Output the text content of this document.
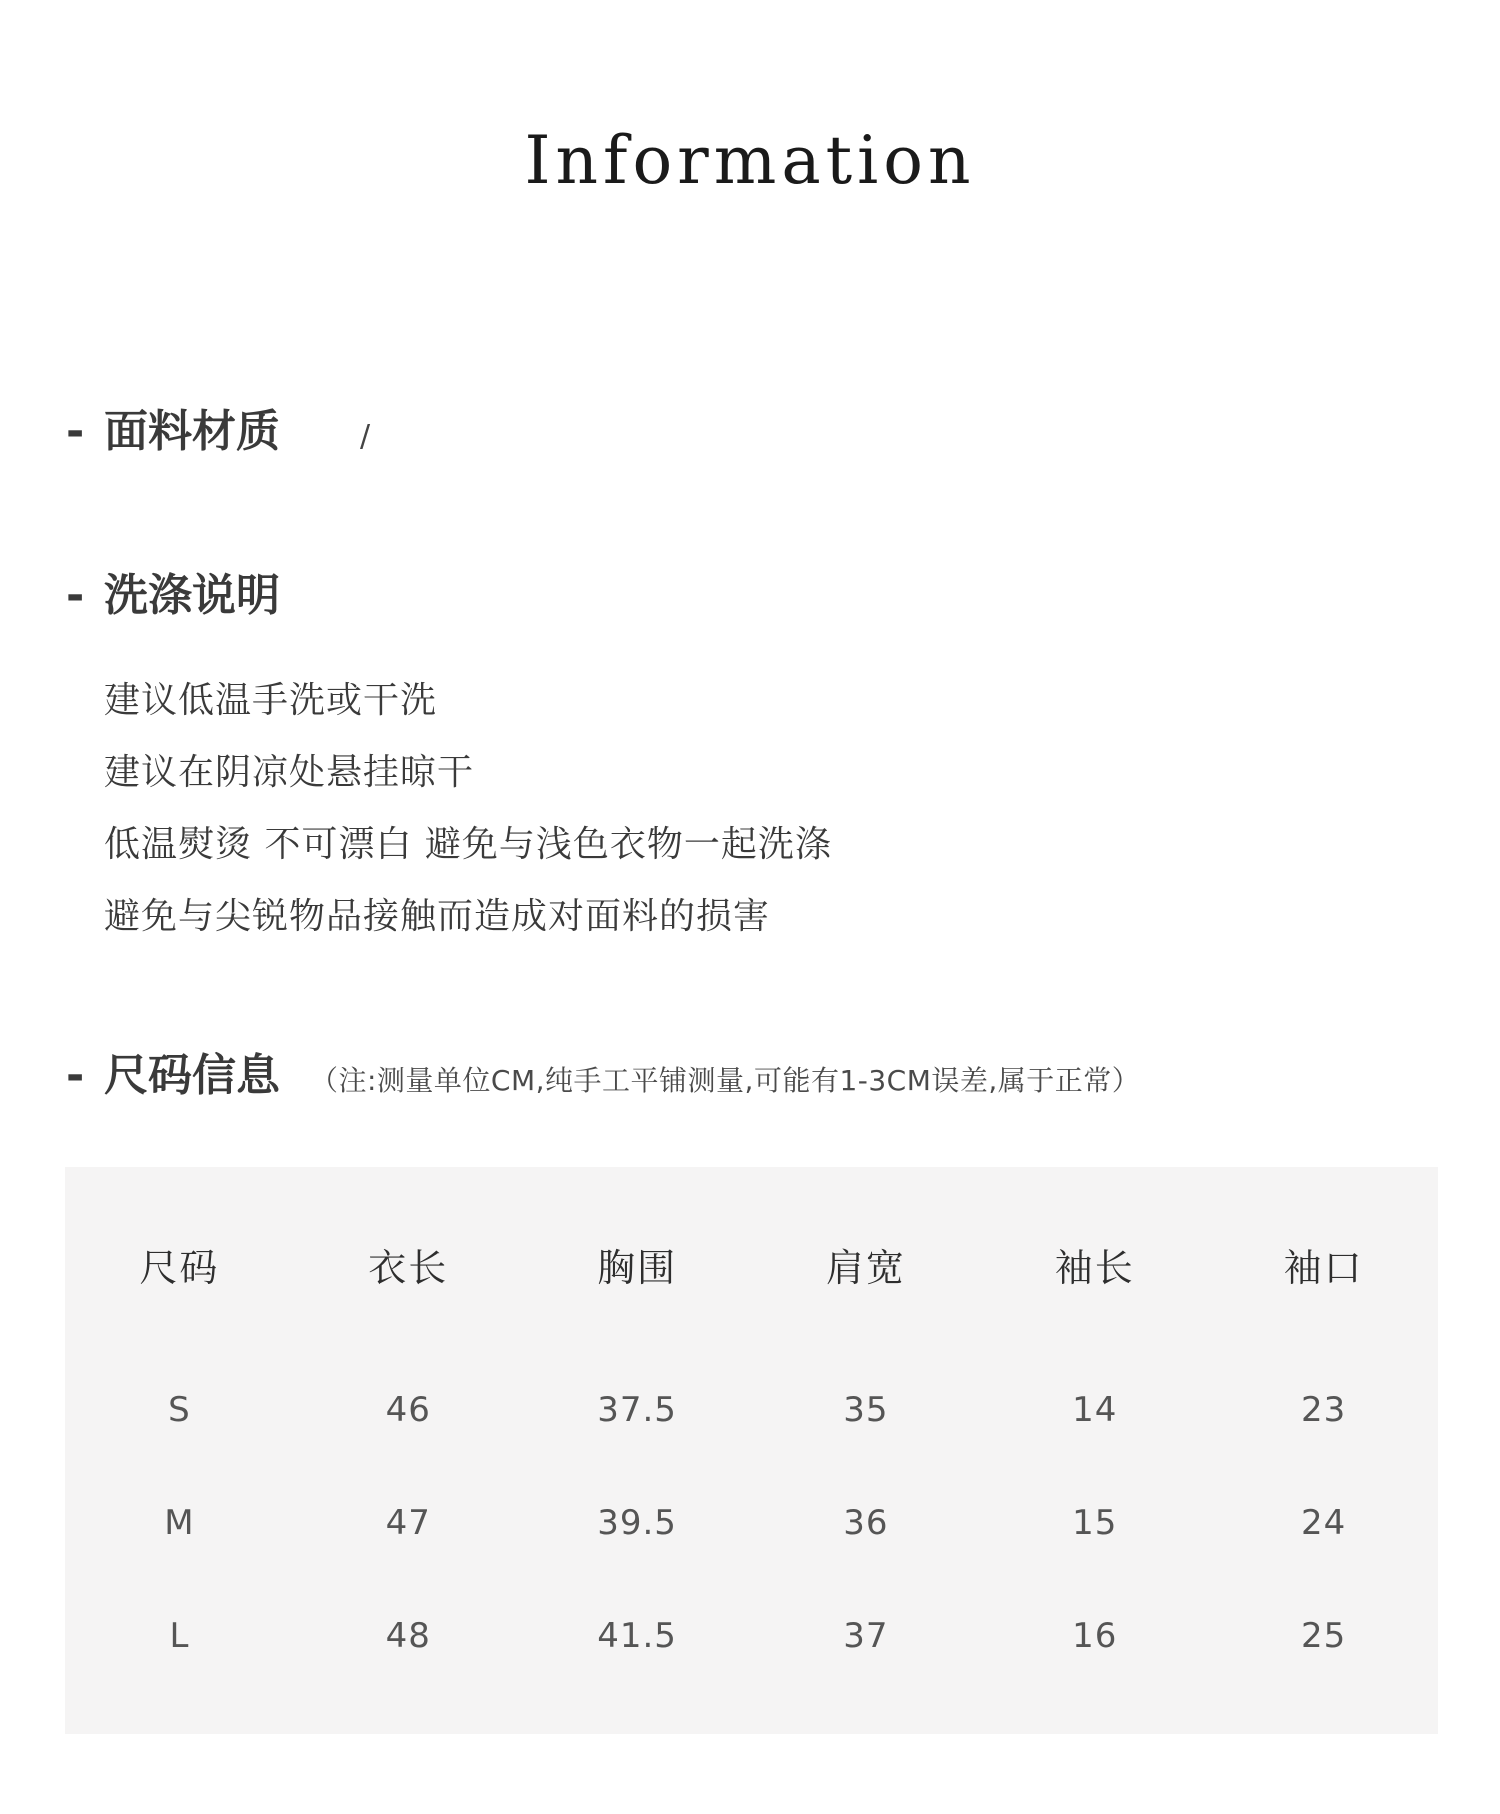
Information
- 面料材质	/
- 洗涤说明
建议低温手洗或干洗
建议在阴凉处悬挂晾干
低温熨烫 不可漂白 避免与浅色衣物一起洗涤
避免与尖锐物品接触而造成对面料的损害
- 尺码信息 （注:测量单位CM,纯手工平铺测量,可能有1-3CM误差,属于正常）
尺码	衣长	胸围	肩宽	袖长	袖口
S	46	37.5	35	14	23
M	47	39.5	36	15	24
L	48	41.5	37	16	25
